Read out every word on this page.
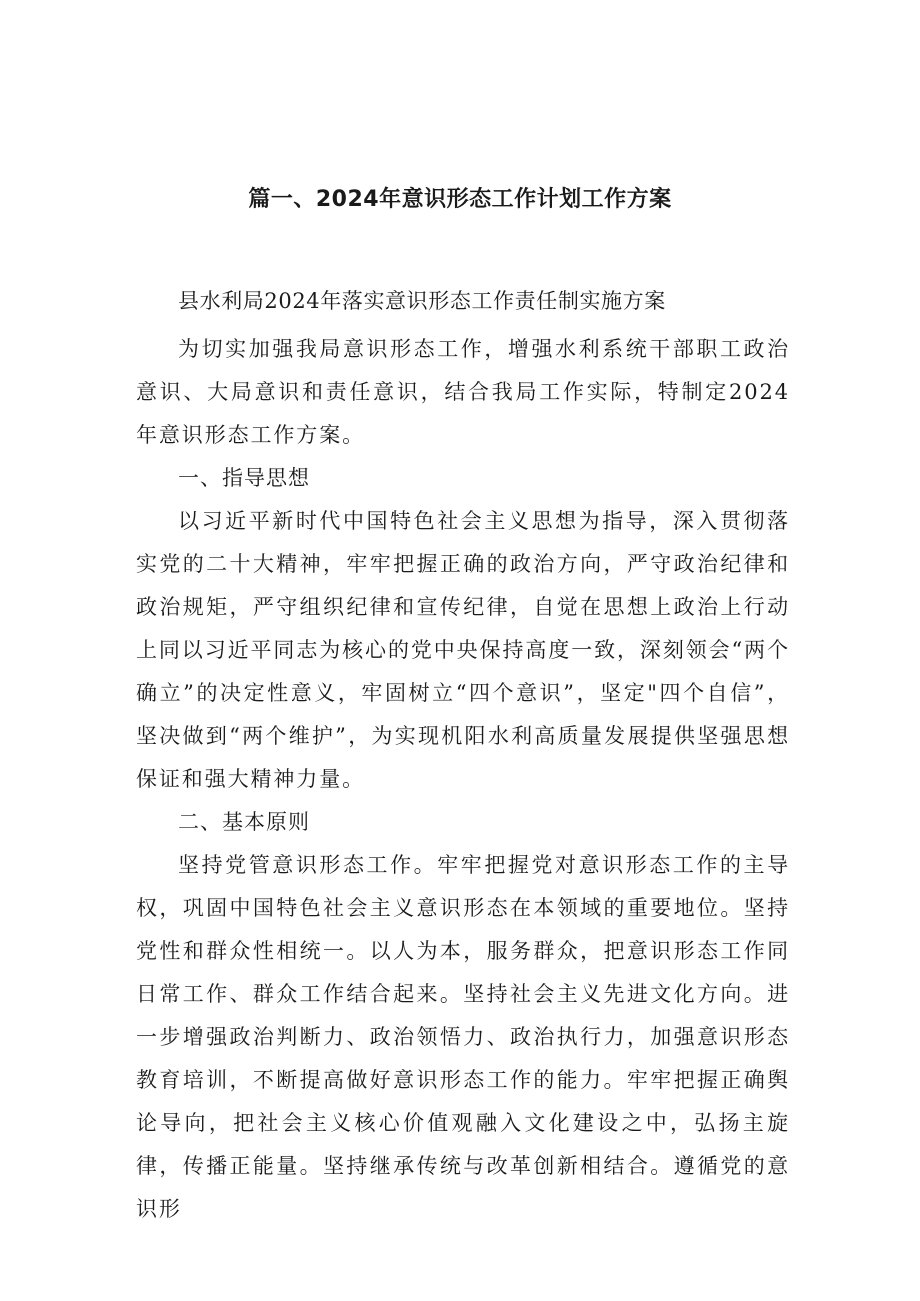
篇一、2024年意识形态工作计划工作方案

县水利局2024年落实意识形态工作责任制实施方案

为切实加强我局意识形态工作，增强水利系统干部职工政治意识、大局意识和责任意识，结合我局工作实际，特制定2024年意识形态工作方案。

一、指导思想

以习近平新时代中国特色社会主义思想为指导，深入贯彻落实党的二十大精神，牢牢把握正确的政治方向，严守政治纪律和政治规矩，严守组织纪律和宣传纪律，自觉在思想上政治上行动上同以习近平同志为核心的党中央保持高度一致，深刻领会“两个确立”的决定性意义，牢固树立“四个意识”，坚定"四个自信”，坚决做到“两个维护”，为实现机阳水利高质量发展提供坚强思想保证和强大精神力量。

二、基本原则

坚持党管意识形态工作。牢牢把握党对意识形态工作的主导权，巩固中国特色社会主义意识形态在本领域的重要地位。坚持党性和群众性相统一。以人为本，服务群众，把意识形态工作同日常工作、群众工作结合起来。坚持社会主义先进文化方向。进一步增强政治判断力、政治领悟力、政治执行力，加强意识形态教育培训，不断提高做好意识形态工作的能力。牢牢把握正确舆论导向，把社会主义核心价值观融入文化建设之中，弘扬主旋律，传播正能量。坚持继承传统与改革创新相结合。遵循党的意识形
